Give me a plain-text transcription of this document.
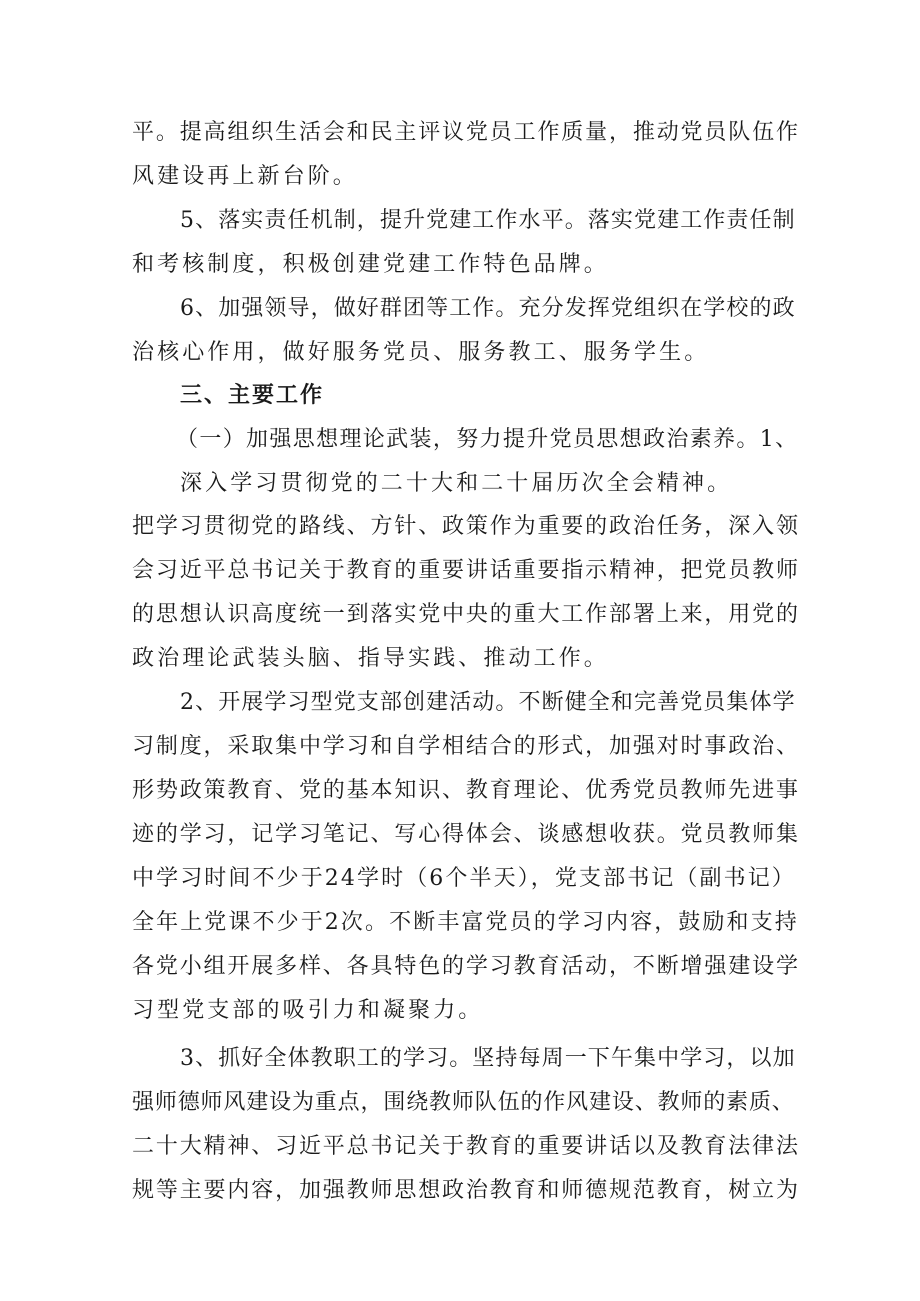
平。提高组织生活会和民主评议党员工作质量，推动党员队伍作
风建设再上新台阶。
5、落实责任机制，提升党建工作水平。落实党建工作责任制
和考核制度，积极创建党建工作特色品牌。
6、加强领导，做好群团等工作。充分发挥党组织在学校的政
治核心作用，做好服务党员、服务教工、服务学生。
三、主要工作
（一）加强思想理论武装，努力提升党员思想政治素养。1、
深入学习贯彻党的二十大和二十届历次全会精神。
把学习贯彻党的路线、方针、政策作为重要的政治任务，深入领
会习近平总书记关于教育的重要讲话重要指示精神，把党员教师
的思想认识高度统一到落实党中央的重大工作部署上来，用党的
政治理论武装头脑、指导实践、推动工作。
2、开展学习型党支部创建活动。不断健全和完善党员集体学
习制度，采取集中学习和自学相结合的形式，加强对时事政治、
形势政策教育、党的基本知识、教育理论、优秀党员教师先进事
迹的学习，记学习笔记、写心得体会、谈感想收获。党员教师集
中学习时间不少于24学时（6个半天），党支部书记（副书记）
全年上党课不少于2次。不断丰富党员的学习内容，鼓励和支持
各党小组开展多样、各具特色的学习教育活动，不断增强建设学
习型党支部的吸引力和凝聚力。
3、抓好全体教职工的学习。坚持每周一下午集中学习，以加
强师德师风建设为重点，围绕教师队伍的作风建设、教师的素质、
二十大精神、习近平总书记关于教育的重要讲话以及教育法律法
规等主要内容，加强教师思想政治教育和师德规范教育，树立为
